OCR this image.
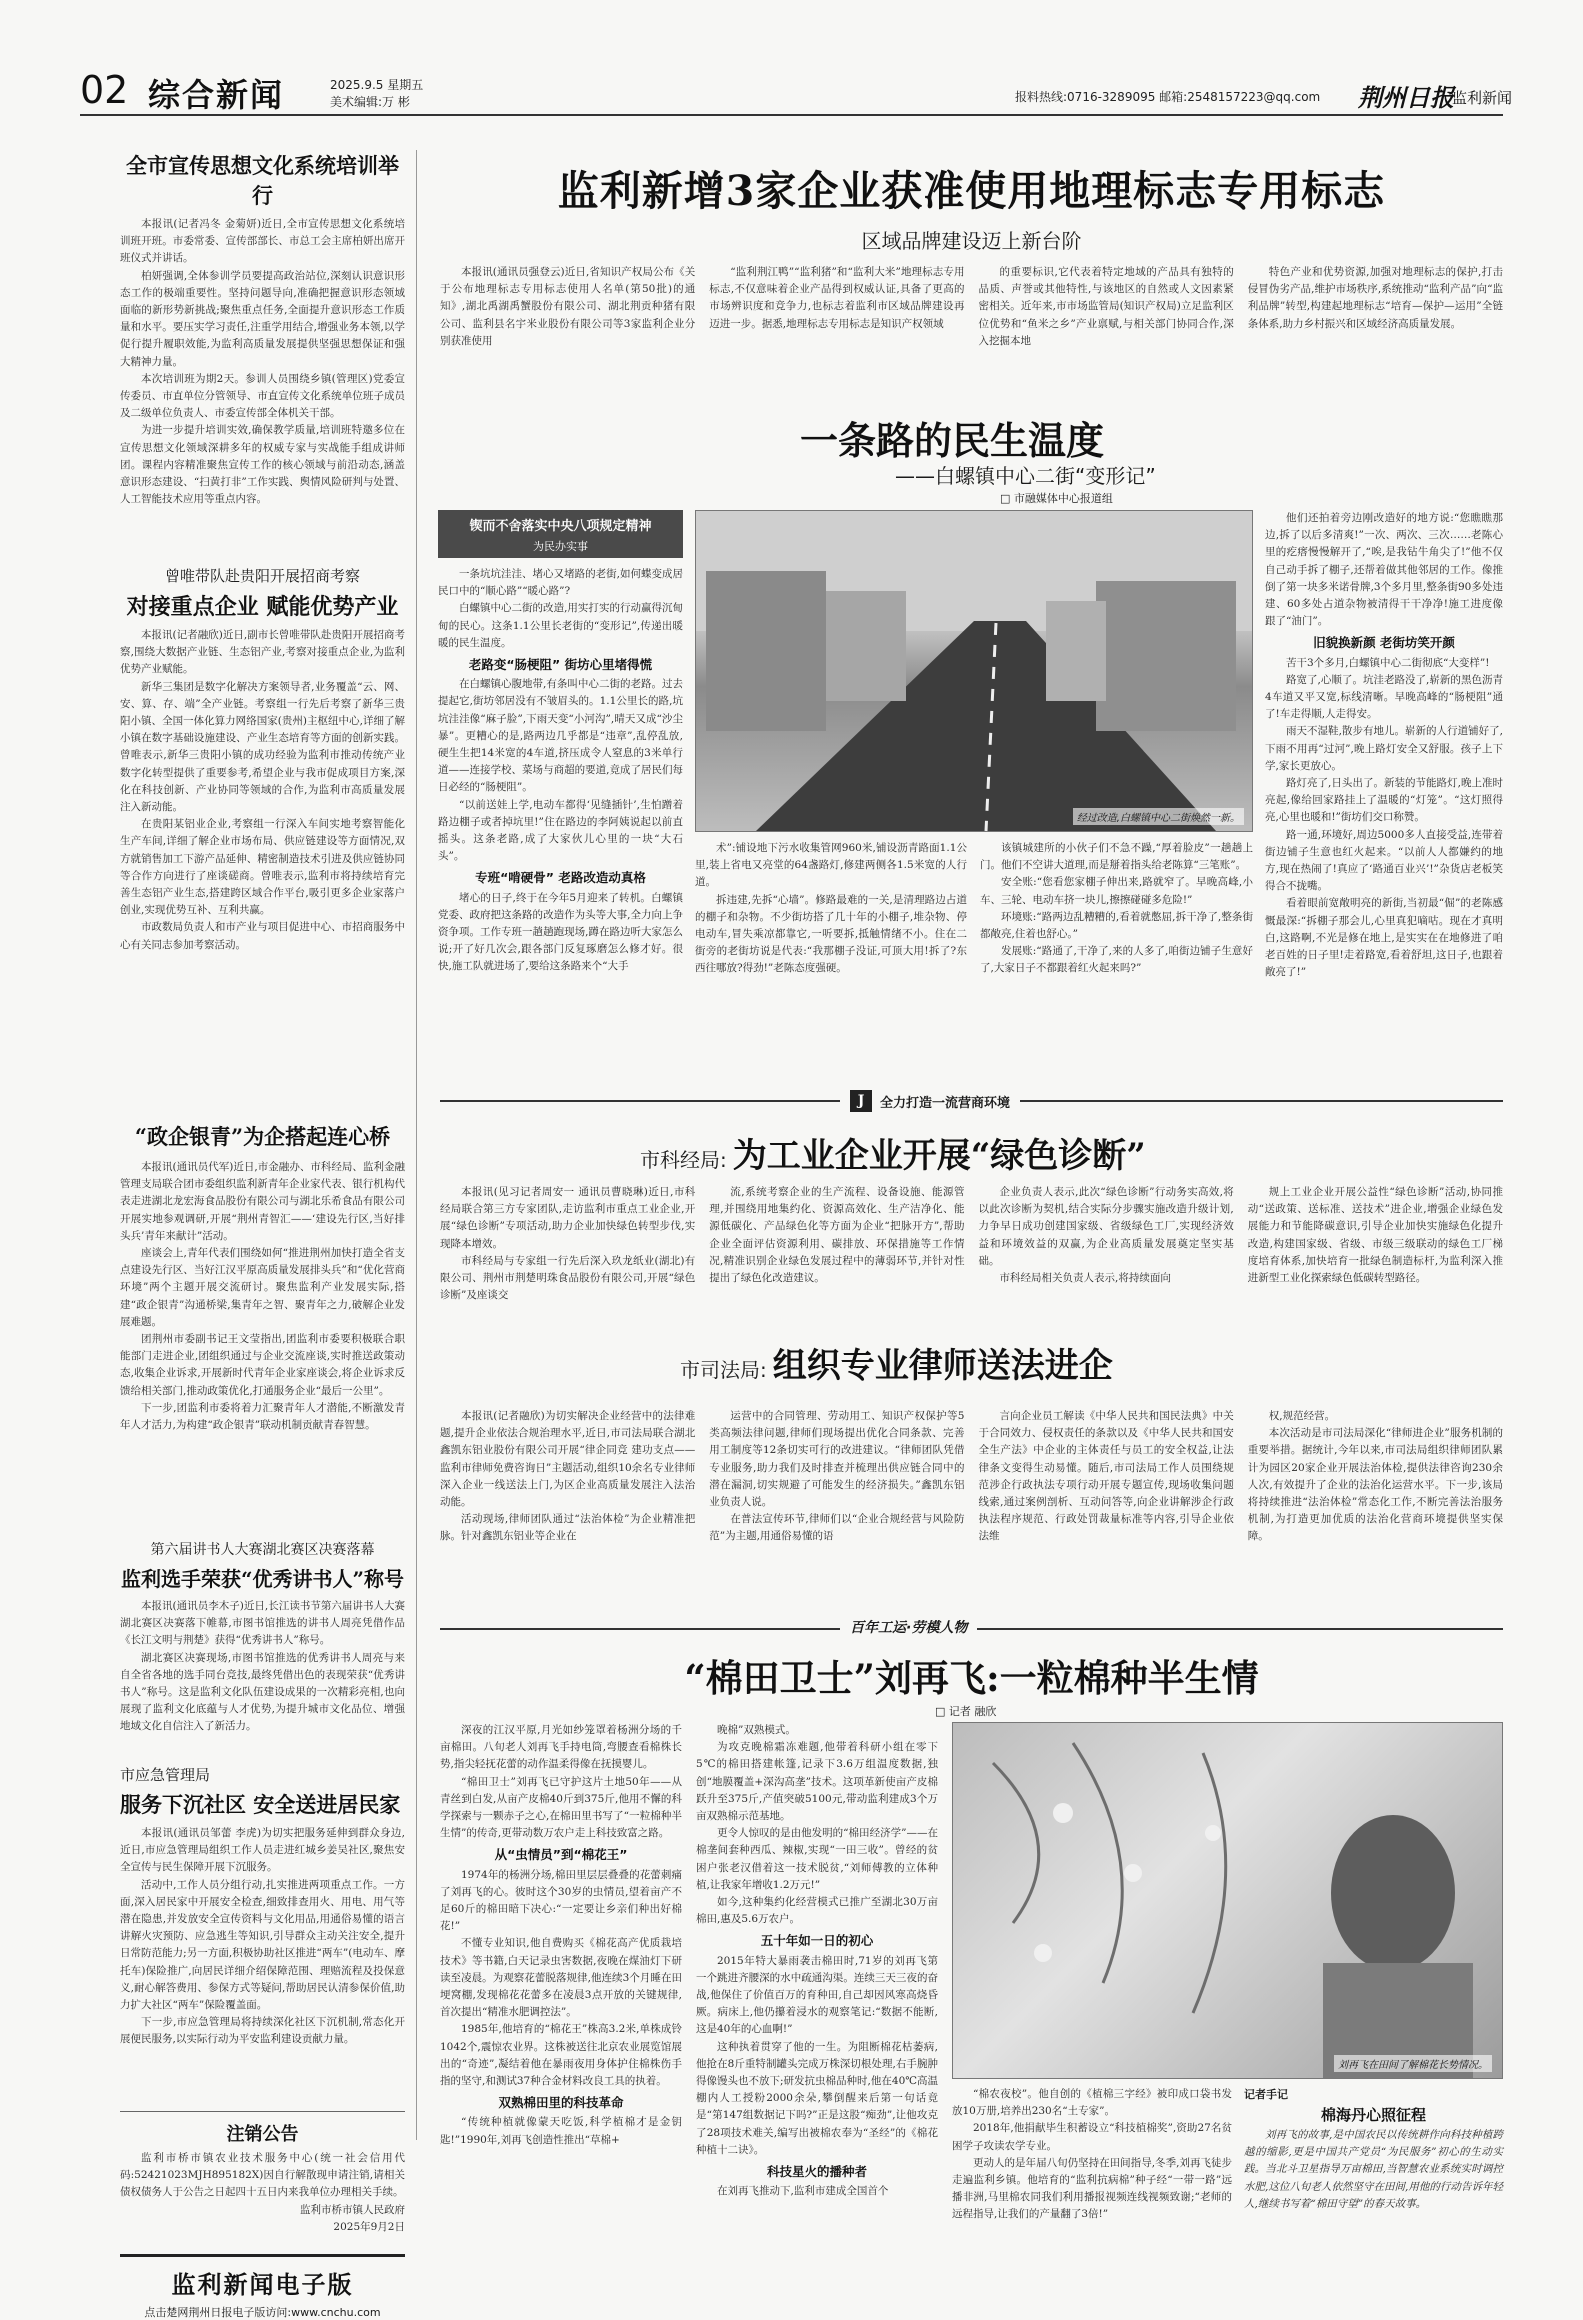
02 综合新闻	2025.9.5 星期五
美术编辑:万 彬	报料热线:0716-3289095 邮箱:2548157223@qq.com 荆州日报
监利新闻
全市宣传思想文化系统培训举行

本报讯(记者冯冬 金菊妍)近日,全市宣传思想文化系统培训班开班。市委常委、宣传部部长、市总工会主席柏妍出席开班仪式并讲话。

柏妍强调,全体参训学员要提高政治站位,深刻认识意识形态工作的极端重要性。坚持问题导向,准确把握意识形态领域面临的新形势新挑战;聚焦重点任务,全面提升意识形态工作质量和水平。要压实学习责任,注重学用结合,增强业务本领,以学促行提升履职效能,为监利高质量发展提供坚强思想保证和强大精神力量。

本次培训班为期2天。参训人员围绕乡镇(管理区)党委宣传委员、市直单位分管领导、市直宣传文化系统单位班子成员及二级单位负责人、市委宣传部全体机关干部。

为进一步提升培训实效,确保教学质量,培训班特邀多位在宣传思想文化领域深耕多年的权威专家与实战能手组成讲师团。课程内容精准聚焦宣传工作的核心领域与前沿动态,涵盖意识形态建设、“扫黄打非”工作实践、舆情风险研判与处置、人工智能技术应用等重点内容。

曾唯带队赴贵阳开展招商考察
对接重点企业 赋能优势产业

本报讯(记者融欣)近日,副市长曾唯带队赴贵阳开展招商考察,围绕大数据产业链、生态铝产业,考察对接重点企业,为监利优势产业赋能。

新华三集团是数字化解决方案领导者,业务覆盖“云、网、安、算、存、端”全产业链。考察组一行先后考察了新华三贵阳小镇、全国一体化算力网络国家(贵州)主枢纽中心,详细了解小镇在数字基础设施建设、产业生态培育等方面的创新实践。曾唯表示,新华三贵阳小镇的成功经验为监利市推动传统产业数字化转型提供了重要参考,希望企业与我市促成项目方案,深化在科技创新、产业协同等领域的合作,为监利市高质量发展注入新动能。

在贵阳某铝业企业,考察组一行深入车间实地考察智能化生产车间,详细了解企业市场布局、供应链建设等方面情况,双方就销售加工下游产品延伸、精密制造技术引进及供应链协同等合作方向进行了座谈磋商。曾唯表示,监利市将持续培育完善生态铝产业生态,搭建跨区域合作平台,吸引更多企业家落户创业,实现优势互补、互利共赢。

市政数局负责人和市产业与项目促进中心、市招商服务中心有关同志参加考察活动。

“政企银青”为企搭起连心桥

本报讯(通讯员代军)近日,市金融办、市科经局、监利金融管理支局联合团市委组织监利新青年企业家代表、银行机构代表走进湖北龙宏海食品股份有限公司与湖北乐希食品有限公司开展实地参观调研,开展“荆州青智汇——‘建设先行区,当好排头兵’青年来献计”活动。

座谈会上,青年代表们围绕如何“推进荆州加快打造全省支点建设先行区、当好江汉平原高质量发展排头兵”和“优化营商环境”两个主题开展交流研讨。聚焦监利产业发展实际,搭建“政企银青”沟通桥梁,集青年之智、聚青年之力,破解企业发展难题。

团荆州市委副书记王文莹指出,团监利市委要积极联合职能部门走进企业,团组织通过与企业交流座谈,实时推送政策动态,收集企业诉求,开展新时代青年企业家座谈会,将企业诉求反馈给相关部门,推动政策优化,打通服务企业“最后一公里”。

下一步,团监利市委将着力汇聚青年人才潜能,不断激发青年人才活力,为构建“政企银青”联动机制贡献青春智慧。

第六届讲书人大赛湖北赛区决赛落幕
监利选手荣获“优秀讲书人”称号

本报讯(通讯员李木子)近日,长江读书节第六届讲书人大赛湖北赛区决赛落下帷幕,市图书馆推选的讲书人周亮凭借作品《长江文明与荆楚》获得“优秀讲书人”称号。

湖北赛区决赛现场,市图书馆推选的优秀讲书人周亮与来自全省各地的选手同台竞技,最终凭借出色的表现荣获“优秀讲书人”称号。这是监利文化队伍建设成果的一次精彩亮相,也向展现了监利文化底蕴与人才优势,为提升城市文化品位、增强地域文化自信注入了新活力。

市应急管理局
服务下沉社区 安全送进居民家

本报讯(通讯员邹蕾 李虎)为切实把服务延伸到群众身边,近日,市应急管理局组织工作人员走进红城乡姜吴社区,聚焦安全宣传与民生保障开展下沉服务。

活动中,工作人员分组行动,扎实推进两项重点工作。一方面,深入居民家中开展安全检查,细致排查用火、用电、用气等潜在隐患,并发放安全宣传资料与文化用品,用通俗易懂的语言讲解火灾预防、应急逃生等知识,引导群众主动关注安全,提升日常防范能力;另一方面,积极协助社区推进“两车”(电动车、摩托车)保险推广,向居民详细介绍保障范围、理赔流程及投保意义,耐心解答费用、参保方式等疑问,帮助居民认清参保价值,助力扩大社区“两车”保险覆盖面。

下一步,市应急管理局将持续深化社区下沉机制,常态化开展便民服务,以实际行动为平安监利建设贡献力量。

注销公告
监利市桥市镇农业技术服务中心(统一社会信用代码:52421023MJH895182X)因自行解散现申请注销,请相关债权债务人于公告之日起四十五日内来我单位办理相关手续。
监利市桥市镇人民政府
2025年9月2日
监利新闻电子版
点击楚网荆州日报电子版访问:www.cnchu.com
监利新增3家企业获准使用地理标志专用标志
区域品牌建设迈上新台阶

本报讯(通讯员强登云)近日,省知识产权局公布《关于公布地理标志专用标志使用人名单(第50批)的通知》,湖北禹湖禹蟹股份有限公司、湖北荆贡种猪有限公司、监利县名宇米业股份有限公司等3家监利企业分别获准使用

“监利荆江鸭”“监利猪”和“监利大米”地理标志专用标志,不仅意味着企业产品得到权威认证,具备了更高的市场辨识度和竞争力,也标志着监利市区域品牌建设再迈进一步。据悉,地理标志专用标志是知识产权领域

的重要标识,它代表着特定地域的产品具有独特的品质、声誉或其他特性,与该地区的自然或人文因素紧密相关。近年来,市市场监管局(知识产权局)立足监利区位优势和“鱼米之乡”产业禀赋,与相关部门协同合作,深入挖掘本地

特色产业和优势资源,加强对地理标志的保护,打击侵冒伪劣产品,维护市场秩序,系统推动“监利产品”向“监利品牌”转型,构建起地理标志“培育—保护—运用”全链条体系,助力乡村振兴和区域经济高质量发展。

一条路的民生温度
——白螺镇中心二街“变形记”
□ 市融媒体中心报道组
锲而不舍落实中央八项规定精神
为民办实事

一条坑坑洼洼、堵心又堵路的老街,如何蝶变成居民口中的“顺心路”“暖心路”?

白螺镇中心二街的改造,用实打实的行动赢得沉甸甸的民心。这条1.1公里长老街的“变形记”,传递出暖暖的民生温度。

老路变“肠梗阻” 街坊心里堵得慌

在白螺镇心腹地带,有条叫中心二街的老路。过去提起它,街坊邻居没有不皱眉头的。1.1公里长的路,坑坑洼洼像“麻子脸”,下雨天变“小河沟”,晴天又成“沙尘暴”。更糟心的是,路两边几乎都是“违章”,乱停乱放,硬生生把14米宽的4车道,挤压成令人窒息的3米单行道——连接学校、菜场与商超的要道,竟成了居民们每日必经的“肠梗阻”。

“以前送娃上学,电动车都得‘见缝插针’,生怕蹭着路边棚子或者掉坑里!”住在路边的李阿姨说起以前直摇头。这条老路,成了大家伙儿心里的一块“大石头”。

专班“啃硬骨” 老路改造动真格

堵心的日子,终于在今年5月迎来了转机。白螺镇党委、政府把这条路的改造作为头等大事,全力向上争资争项。工作专班一趟趟跑现场,蹲在路边听大家怎么说;开了好几次会,跟各部门反复琢磨怎么修才好。很快,施工队就进场了,要给这条路来个“大手

经过改造,白螺镇中心二街焕然一新。

术”:铺设地下污水收集管网960米,铺设沥青路面1.1公里,装上省电又亮堂的64盏路灯,修建两侧各1.5米宽的人行道。

拆违建,先拆“心墙”。修路最难的一关,是清理路边占道的棚子和杂物。不少街坊搭了几十年的小棚子,堆杂物、停电动车,冒失乘凉都靠它,一听要拆,抵触情绪不小。住在二街旁的老街坊说是代表:“我那棚子没证,可顶大用!拆了?东西往哪放?得劲!”老陈态度强硬。

该镇城建所的小伙子们不急不躁,“厚着脸皮”一趟趟上门。他们不空讲大道理,而是掰着指头给老陈算“三笔账”。

安全账:“您看您家棚子伸出来,路就窄了。早晚高峰,小车、三轮、电动车挤一块儿,擦擦碰碰多危险!”

环境账:“路两边乱糟糟的,看着就憋屈,拆干净了,整条街都敞亮,住着也舒心。”

发展账:“路通了,干净了,来的人多了,咱街边铺子生意好了,大家日子不都跟着红火起来吗?”

他们还拍着旁边刚改造好的地方说:“您瞧瞧那边,拆了以后多清爽!”一次、两次、三次……老陈心里的疙瘩慢慢解开了,“唉,是我钻牛角尖了!”他不仅自己动手拆了棚子,还帮着做其他邻居的工作。像推倒了第一块多米诺骨牌,3个多月里,整条街90多处违建、60多处占道杂物被清得干干净净!施工进度像跟了“油门”。

旧貌换新颜 老街坊笑开颜

苦干3个多月,白螺镇中心二街彻底“大变样”!

路宽了,心顺了。坑洼老路没了,崭新的黑色沥青4车道又平又宽,标线清晰。早晚高峰的“肠梗阻”通了!车走得顺,人走得安。

雨天不湿鞋,散步有地儿。崭新的人行道铺好了,下雨不用再“过河”,晚上路灯安全又舒服。孩子上下学,家长更放心。

路灯亮了,日头出了。新装的节能路灯,晚上准时亮起,像给回家路挂上了温暖的“灯笼”。“这灯照得亮,心里也暖和!”街坊们交口称赞。

路一通,环境好,周边5000多人直接受益,连带着街边铺子生意也红火起来。“以前人人都嫌约的地方,现在热闹了!真应了‘路通百业兴’!”杂货店老板笑得合不拢嘴。

看着眼前宽敞明亮的新街,当初最“倔”的老陈感慨最深:“拆棚子那会儿,心里真犯嘀咕。现在才真明白,这路啊,不光是修在地上,是实实在在地修进了咱老百姓的日子里!走着路宽,看着舒坦,这日子,也跟着敞亮了!”

J	全力打造一流营商环境
市科经局: 为工业企业开展“绿色诊断”

本报讯(见习记者周安一 通讯员曹晓琳)近日,市科经局联合第三方专家团队,走访监利市重点工业企业,开展“绿色诊断”专项活动,助力企业加快绿色转型步伐,实现降本增效。

市科经局与专家组一行先后深入玖龙纸业(湖北)有限公司、荆州市荆楚明珠食品股份有限公司,开展“绿色诊断”及座谈交

流,系统考察企业的生产流程、设备设施、能源管理,并围绕用地集约化、资源高效化、生产洁净化、能源低碳化、产品绿色化等方面为企业“把脉开方”,帮助企业全面评估资源利用、碳排放、环保措施等工作情况,精准识别企业绿色发展过程中的薄弱环节,并针对性提出了绿色化改造建议。

企业负责人表示,此次“绿色诊断”行动务实高效,将以此次诊断为契机,结合实际分步骤实施改造升级计划,力争早日成功创建国家级、省级绿色工厂,实现经济效益和环境效益的双赢,为企业高质量发展奠定坚实基础。

市科经局相关负责人表示,将持续面向

规上工业企业开展公益性“绿色诊断”活动,协同推动“送政策、送标准、送技术”进企业,增强企业绿色发展能力和节能降碳意识,引导企业加快实施绿色化提升改造,构建国家级、省级、市级三级联动的绿色工厂梯度培育体系,加快培育一批绿色制造标杆,为监利深入推进新型工业化探索绿色低碳转型路径。

市司法局: 组织专业律师送法进企

本报讯(记者融欣)为切实解决企业经营中的法律难题,提升企业依法合规治理水平,近日,市司法局联合湖北鑫凯东铝业股份有限公司开展“律企同竞 建功支点——监利市律师免费咨询日”主题活动,组织10余名专业律师深入企业一线送法上门,为区企业高质量发展注入法治动能。

活动现场,律师团队通过“法治体检”为企业精准把脉。针对鑫凯东铝业等企业在

运营中的合同管理、劳动用工、知识产权保护等5类高频法律问题,律师们现场提出优化合同条款、完善用工制度等12条切实可行的改进建议。“律师团队凭借专业服务,助力我们及时排查并梳理出供应链合同中的潜在漏洞,切实规避了可能发生的经济损失。”鑫凯东铝业负责人说。

在普法宣传环节,律师们以“企业合规经营与风险防范”为主题,用通俗易懂的语

言向企业员工解读《中华人民共和国民法典》中关于合同效力、侵权责任的条款以及《中华人民共和国安全生产法》中企业的主体责任与员工的安全权益,让法律条文变得生动易懂。随后,市司法局工作人员围绕规范涉企行政执法专项行动开展专题宣传,现场收集问题线索,通过案例剖析、互动问答等,向企业讲解涉企行政执法程序规范、行政处罚裁量标准等内容,引导企业依法维

权,规范经营。

本次活动是市司法局深化“律师进企业”服务机制的重要举措。据统计,今年以来,市司法局组织律师团队累计为园区20家企业开展法治体检,提供法律咨询230余人次,有效提升了企业的法治化运营水平。下一步,该局将持续推进“法治体检”常态化工作,不断完善法治服务机制,为打造更加优质的法治化营商环境提供坚实保障。

百年工运·劳模人物
“棉田卫士”刘再飞:一粒棉种半生情
□ 记者 融欣

深夜的江汉平原,月光如纱笼罩着杨洲分场的千亩棉田。八旬老人刘再飞手持电筒,弯腰查看棉株长势,指尖轻抚花蕾的动作温柔得像在抚摸婴儿。

“棉田卫士”刘再飞已守护这片土地50年——从青丝到白发,从亩产皮棉40斤到375斤,他用不懈的科学探索与一颗赤子之心,在棉田里书写了“一粒棉种半生情”的传奇,更带动数万农户走上科技致富之路。

从“虫情员”到“棉花王”

1974年的杨洲分场,棉田里层层叠叠的花蕾刺痛了刘再飞的心。彼时这个30岁的虫情员,望着亩产不足60斤的棉田暗下决心:“一定要让乡亲们种出好棉花!”

不懂专业知识,他自费购买《棉花高产优质栽培技术》等书籍,白天记录虫害数据,夜晚在煤油灯下研读至凌晨。为观察花蕾脱落规律,他连续3个月睡在田埂窝棚,发现棉花花蕾多在凌晨3点开放的关键规律,首次提出“精准水肥调控法”。

1985年,他培育的“棉花王”株高3.2米,单株成铃1042个,震惊农业界。这株被送往北京农业展览馆展出的“奇迹”,凝结着他在暴雨夜用身体护住棉株伤手指的坚守,和测试37种合金材料改良工具的执着。

双熟棉田里的科技革命

“传统种植就像蒙天吃饭,科学植棉才是金钥匙!”1990年,刘再飞创造性推出“草棉+

晚棉”双熟模式。

为攻克晚棉霜冻难题,他带着科研小组在零下5℃的棉田搭建帐篷,记录下3.6万组温度数据,独创“地膜覆盖+深沟高垄”技术。这项革新使亩产皮棉跃升至375斤,产值突破5100元,带动监利建成3个万亩双熟棉示范基地。

更令人惊叹的是由他发明的“棉田经济学”——在棉垄间套种西瓜、辣椒,实现“一田三收”。曾经的贫困户张老汉借着这一技术脱贫,“刘师傅教的立体种植,让我家年增收1.2万元!”

如今,这种集约化经营模式已推广至湖北30万亩棉田,惠及5.6万农户。

五十年如一日的初心

2015年特大暴雨袭击棉田时,71岁的刘再飞第一个跳进齐腰深的水中疏通沟渠。连续三天三夜的奋战,他保住了价值百万的育种田,自己却因风寒高烧昏厥。病床上,他仍攥着浸水的观察笔记:“数据不能断,这是40年的心血啊!”

这种执着贯穿了他的一生。为阻断棉花枯萎病,他抢在8斤重特制罐头完成万株深切根处理,右手腕肿得像馒头也不放下;研发抗虫棉品种时,他在40℃高温棚内人工授粉2000余朵,攀倒醒来后第一句话竟是“第147组数据记下吗?”正是这股“痴劲”,让他攻克了28项技术难关,编写出被棉农奉为“圣经”的《棉花种植十二诀》。

科技星火的播种者

在刘再飞推动下,监利市建成全国首个

刘再飞在田间了解棉花长势情况。

“棉农夜校”。他自创的《植棉三字经》被印成口袋书发放10万册,培养出230名“土专家”。

2018年,他捐献毕生积蓄设立“科技植棉奖”,资助27名贫困学子攻读农学专业。

更动人的是年届八旬仍坚持在田间指导,冬季,刘再飞徒步走遍监利乡镇。他培育的“监利抗病棉”种子经“一带一路”远播非洲,马里棉农同我们利用播报视频连线视频致谢;“老师的远程指导,让我们的产量翻了3倍!”

记者手记
棉海丹心照征程
刘再飞的故事,是中国农民以传统耕作向科技种植跨越的缩影,更是中国共产党员“为民服务”初心的生动实践。当北斗卫星指导万亩棉田,当智慧农业系统实时调控水肥,这位八旬老人依然坚守在田间,用他的行动告诉年轻人,继续书写着“棉田守望”的春天故事。
